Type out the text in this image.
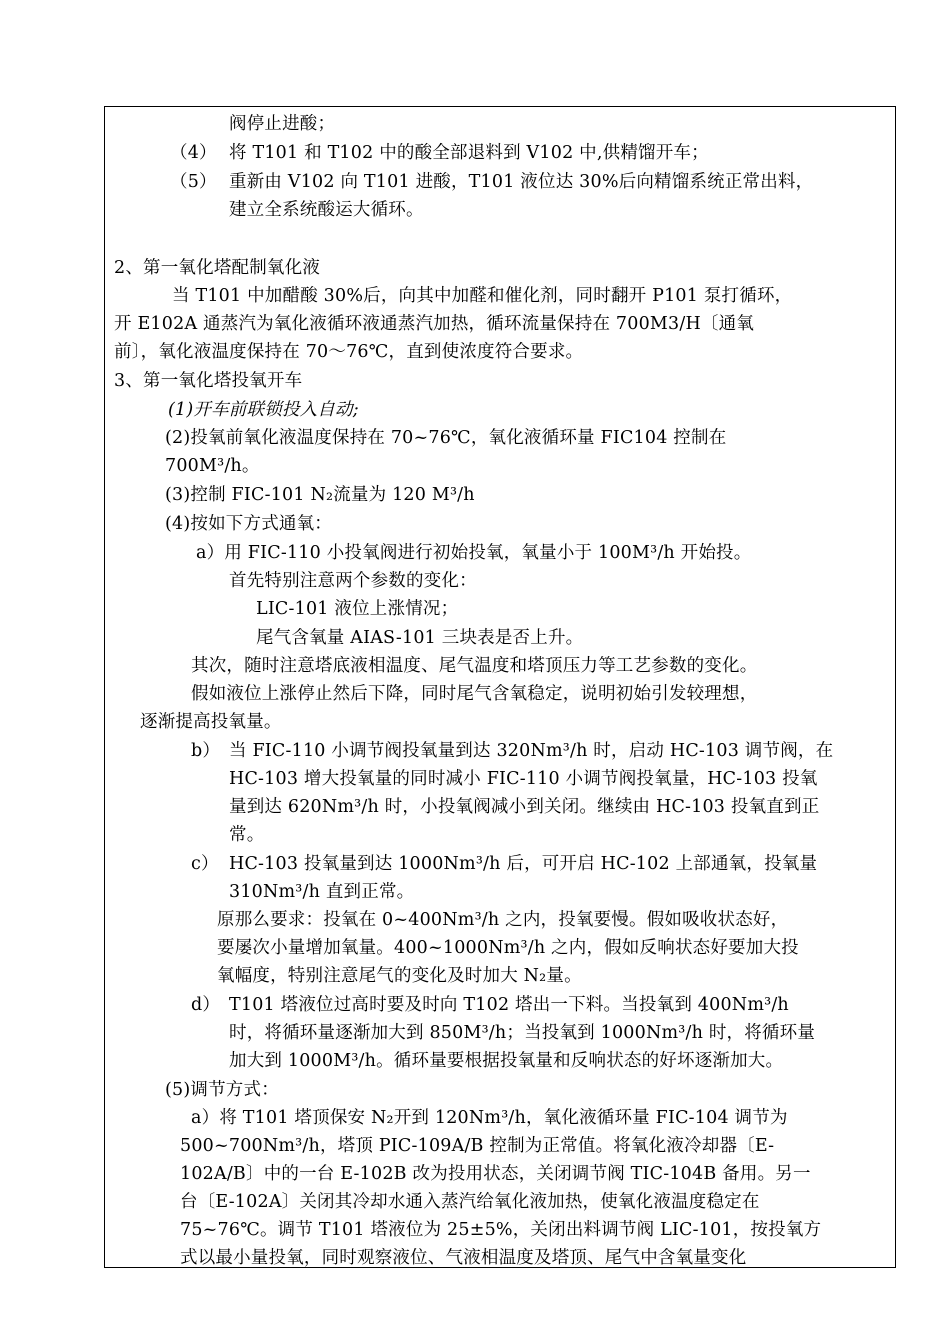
阀停止进酸；
（4） 将 T101 和 T102 中的酸全部退料到 V102 中,供精馏开车；
（5） 重新由 V102 向 T101 进酸，T101 液位达 30%后向精馏系统正常出料，
建立全系统酸运大循环。
2、第一氧化塔配制氧化液
当 T101 中加醋酸 30%后，向其中加醛和催化剂，同时翻开 P101 泵打循环，
开 E102A 通蒸汽为氧化液循环液通蒸汽加热，循环流量保持在 700M3/H〔通氧
前〕，氧化液温度保持在 70～76℃，直到使浓度符合要求。
3、第一氧化塔投氧开车
(1)开车前联锁投入自动;
(2)投氧前氧化液温度保持在 70~76℃，氧化液循环量 FIC104 控制在
700M³/h。
(3)控制 FIC-101 N₂流量为 120 M³/h
(4)按如下方式通氧：
a）用 FIC-110 小投氧阀进行初始投氧，氧量小于 100M³/h 开始投。
首先特别注意两个参数的变化：
LIC-101 液位上涨情况；
尾气含氧量 AIAS-101 三块表是否上升。
其次，随时注意塔底液相温度、尾气温度和塔顶压力等工艺参数的变化。
假如液位上涨停止然后下降，同时尾气含氧稳定，说明初始引发较理想，
逐渐提高投氧量。
b） 当 FIC-110 小调节阀投氧量到达 320Nm³/h 时，启动 HC-103 调节阀，在
HC-103 增大投氧量的同时减小 FIC-110 小调节阀投氧量，HC-103 投氧
量到达 620Nm³/h 时，小投氧阀减小到关闭。继续由 HC-103 投氧直到正
常。
c） HC-103 投氧量到达 1000Nm³/h 后，可开启 HC-102 上部通氧，投氧量
310Nm³/h 直到正常。
原那么要求：投氧在 0~400Nm³/h 之内，投氧要慢。假如吸收状态好，
要屡次小量增加氧量。400~1000Nm³/h 之内，假如反响状态好要加大投
氧幅度，特别注意尾气的变化及时加大 N₂量。
d） T101 塔液位过高时要及时向 T102 塔出一下料。当投氧到 400Nm³/h
时，将循环量逐渐加大到 850M³/h；当投氧到 1000Nm³/h 时，将循环量
加大到 1000M³/h。循环量要根据投氧量和反响状态的好坏逐渐加大。
(5)调节方式：
a）将 T101 塔顶保安 N₂开到 120Nm³/h，氧化液循环量 FIC-104 调节为
500~700Nm³/h，塔顶 PIC-109A/B 控制为正常值。将氧化液冷却器〔E-
102A/B〕中的一台 E-102B 改为投用状态，关闭调节阀 TIC-104B 备用。另一
台〔E-102A〕关闭其冷却水通入蒸汽给氧化液加热，使氧化液温度稳定在
75~76℃。调节 T101 塔液位为 25±5%，关闭出料调节阀 LIC-101，按投氧方
式以最小量投氧，同时观察液位、气液相温度及塔顶、尾气中含氧量变化
